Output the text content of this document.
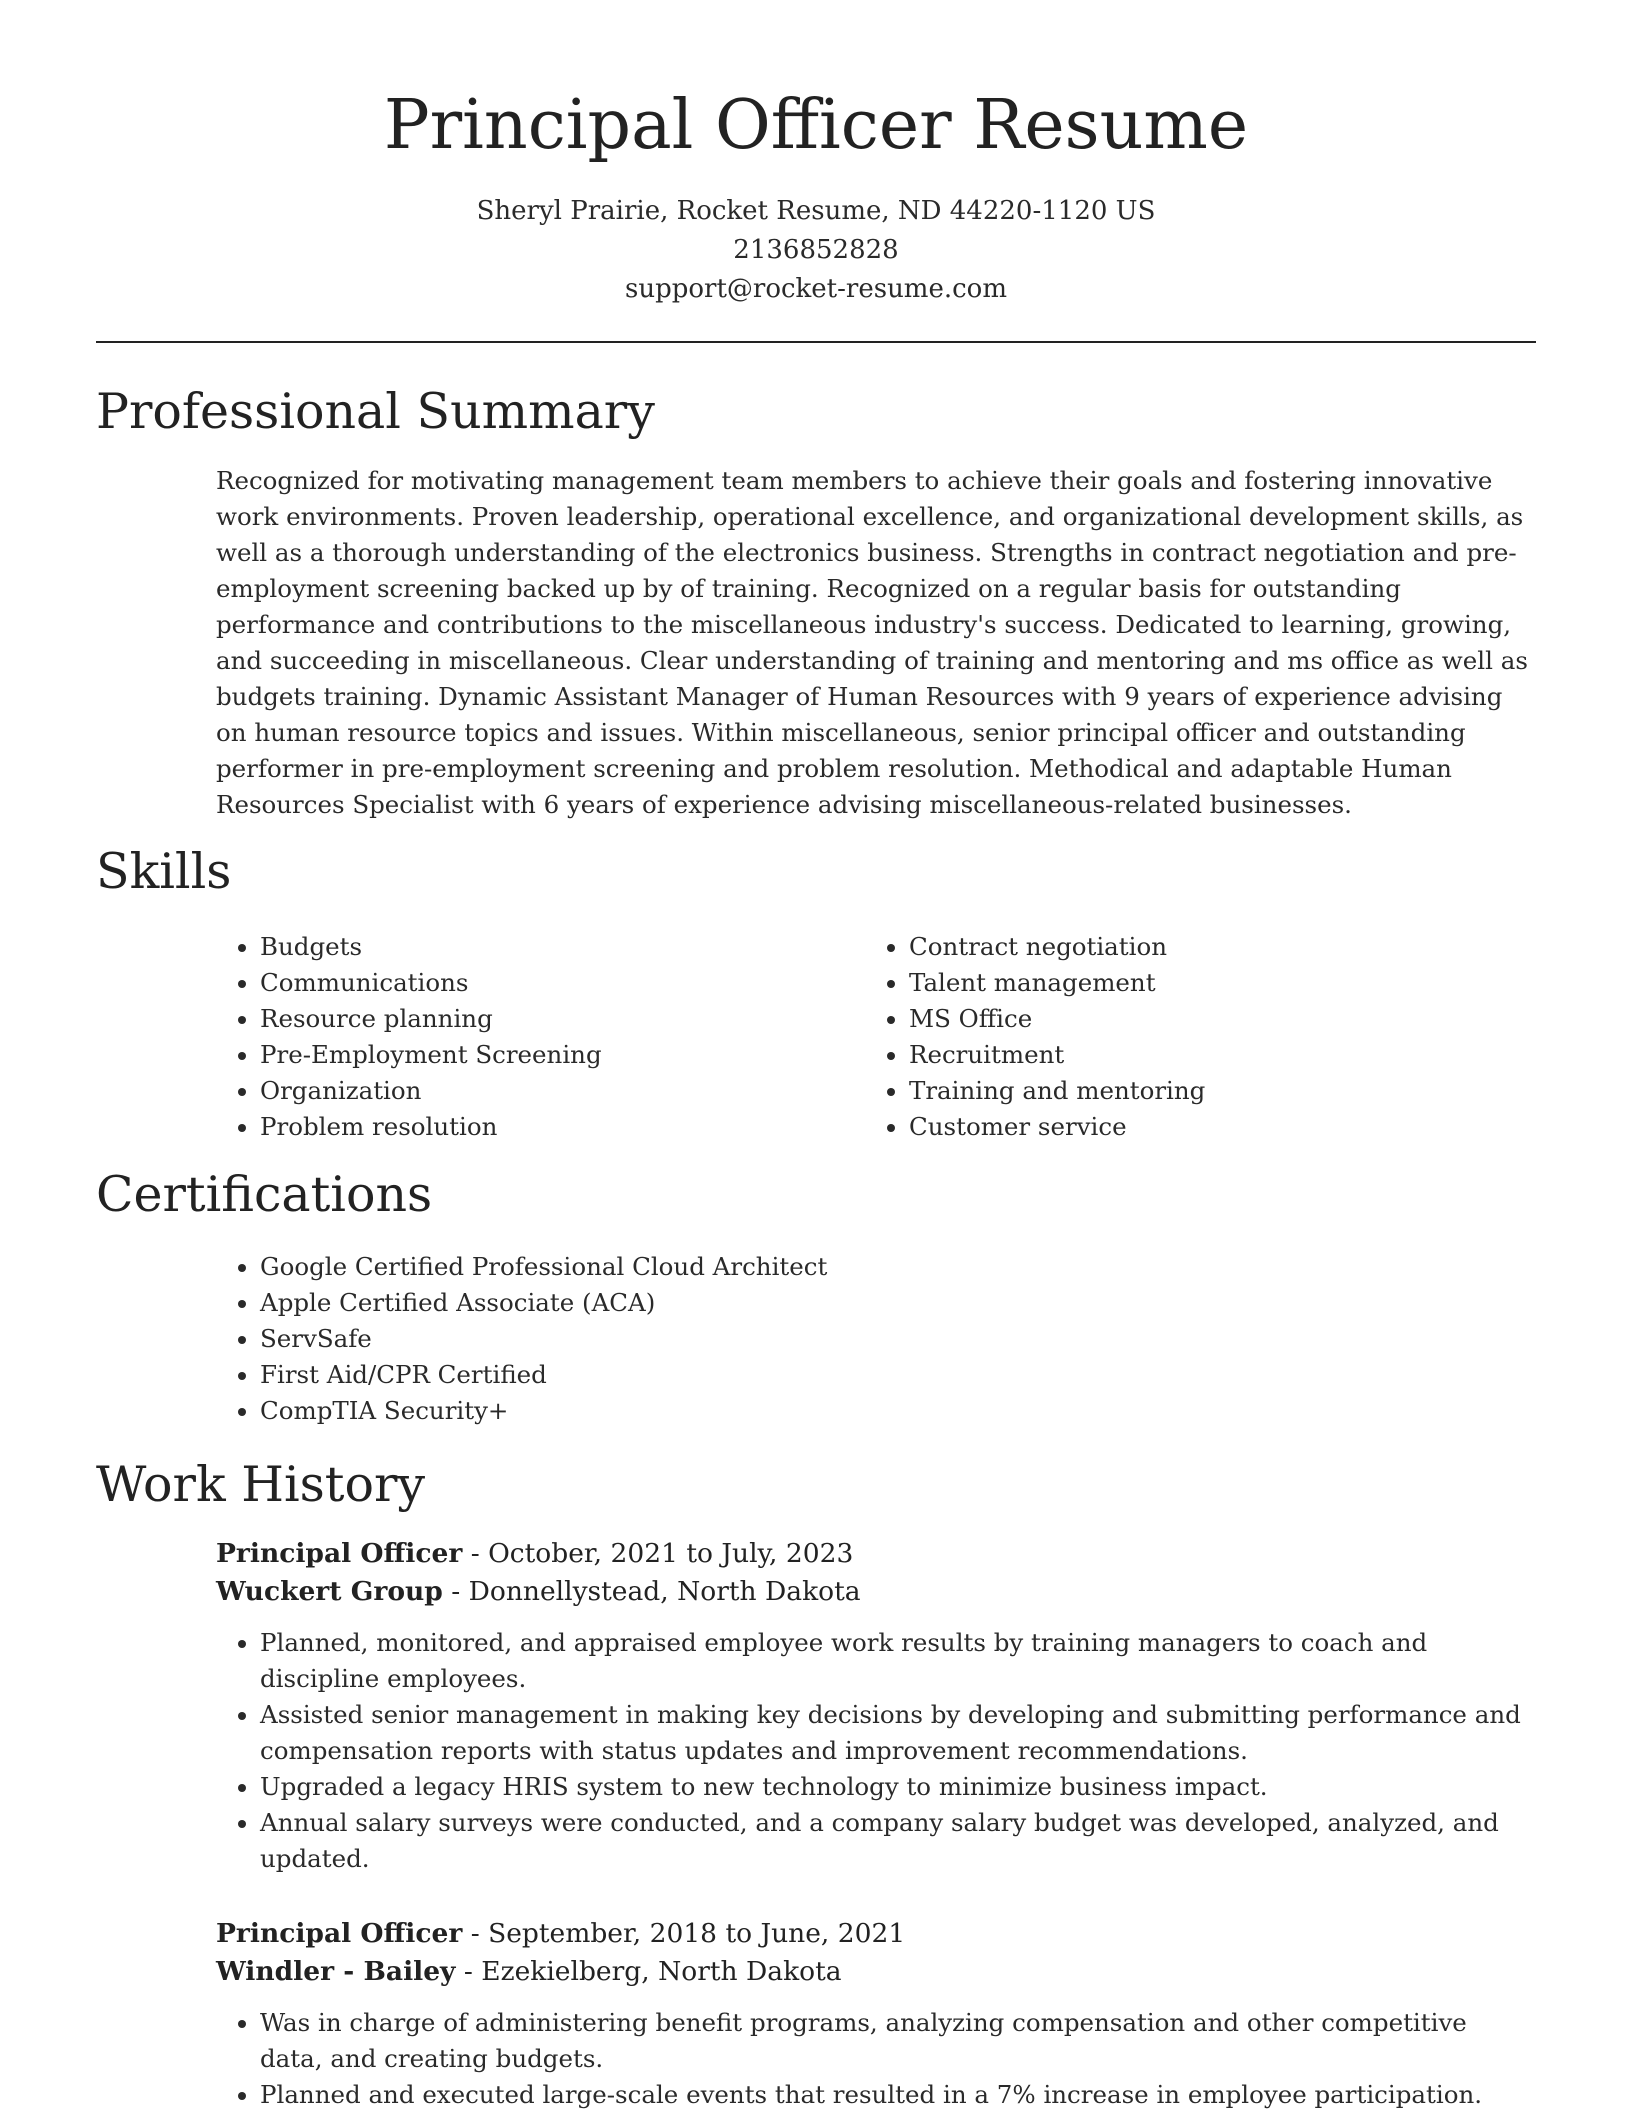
Principal Officer Resume
Sheryl Prairie, Rocket Resume, ND 44220-1120 US
2136852828
support@rocket-resume.com
Professional Summary

Recognized for motivating management team members to achieve their goals and fostering innovative work environments. Proven leadership, operational excellence, and organizational development skills, as well as a thorough understanding of the electronics business. Strengths in contract negotiation and pre-employment screening backed up by of training. Recognized on a regular basis for outstanding performance and contributions to the miscellaneous industry's success. Dedicated to learning, growing, and succeeding in miscellaneous. Clear understanding of training and mentoring and ms office as well as budgets training. Dynamic Assistant Manager of Human Resources with 9 years of experience advising on human resource topics and issues. Within miscellaneous, senior principal officer and outstanding performer in pre-employment screening and problem resolution. Methodical and adaptable Human Resources Specialist with 6 years of experience advising miscellaneous-related businesses.

Skills
• Budgets
• Communications
• Resource planning
• Pre-Employment Screening
• Organization
• Problem resolution
• Contract negotiation
• Talent management
• MS Office
• Recruitment
• Training and mentoring
• Customer service
Certifications
• Google Certified Professional Cloud Architect
• Apple Certified Associate (ACA)
• ServSafe
• First Aid/CPR Certified
• CompTIA Security+
Work History
Principal Officer - October, 2021 to July, 2023
Wuckert Group - Donnellystead, North Dakota
• Planned, monitored, and appraised employee work results by training managers to coach and discipline employees.
• Assisted senior management in making key decisions by developing and submitting performance and compensation reports with status updates and improvement recommendations.
• Upgraded a legacy HRIS system to new technology to minimize business impact.
• Annual salary surveys were conducted, and a company salary budget was developed, analyzed, and updated.
Principal Officer - September, 2018 to June, 2021
Windler - Bailey - Ezekielberg, North Dakota
• Was in charge of administering benefit programs, analyzing compensation and other competitive data, and creating budgets.
• Planned and executed large-scale events that resulted in a 7% increase in employee participation.
